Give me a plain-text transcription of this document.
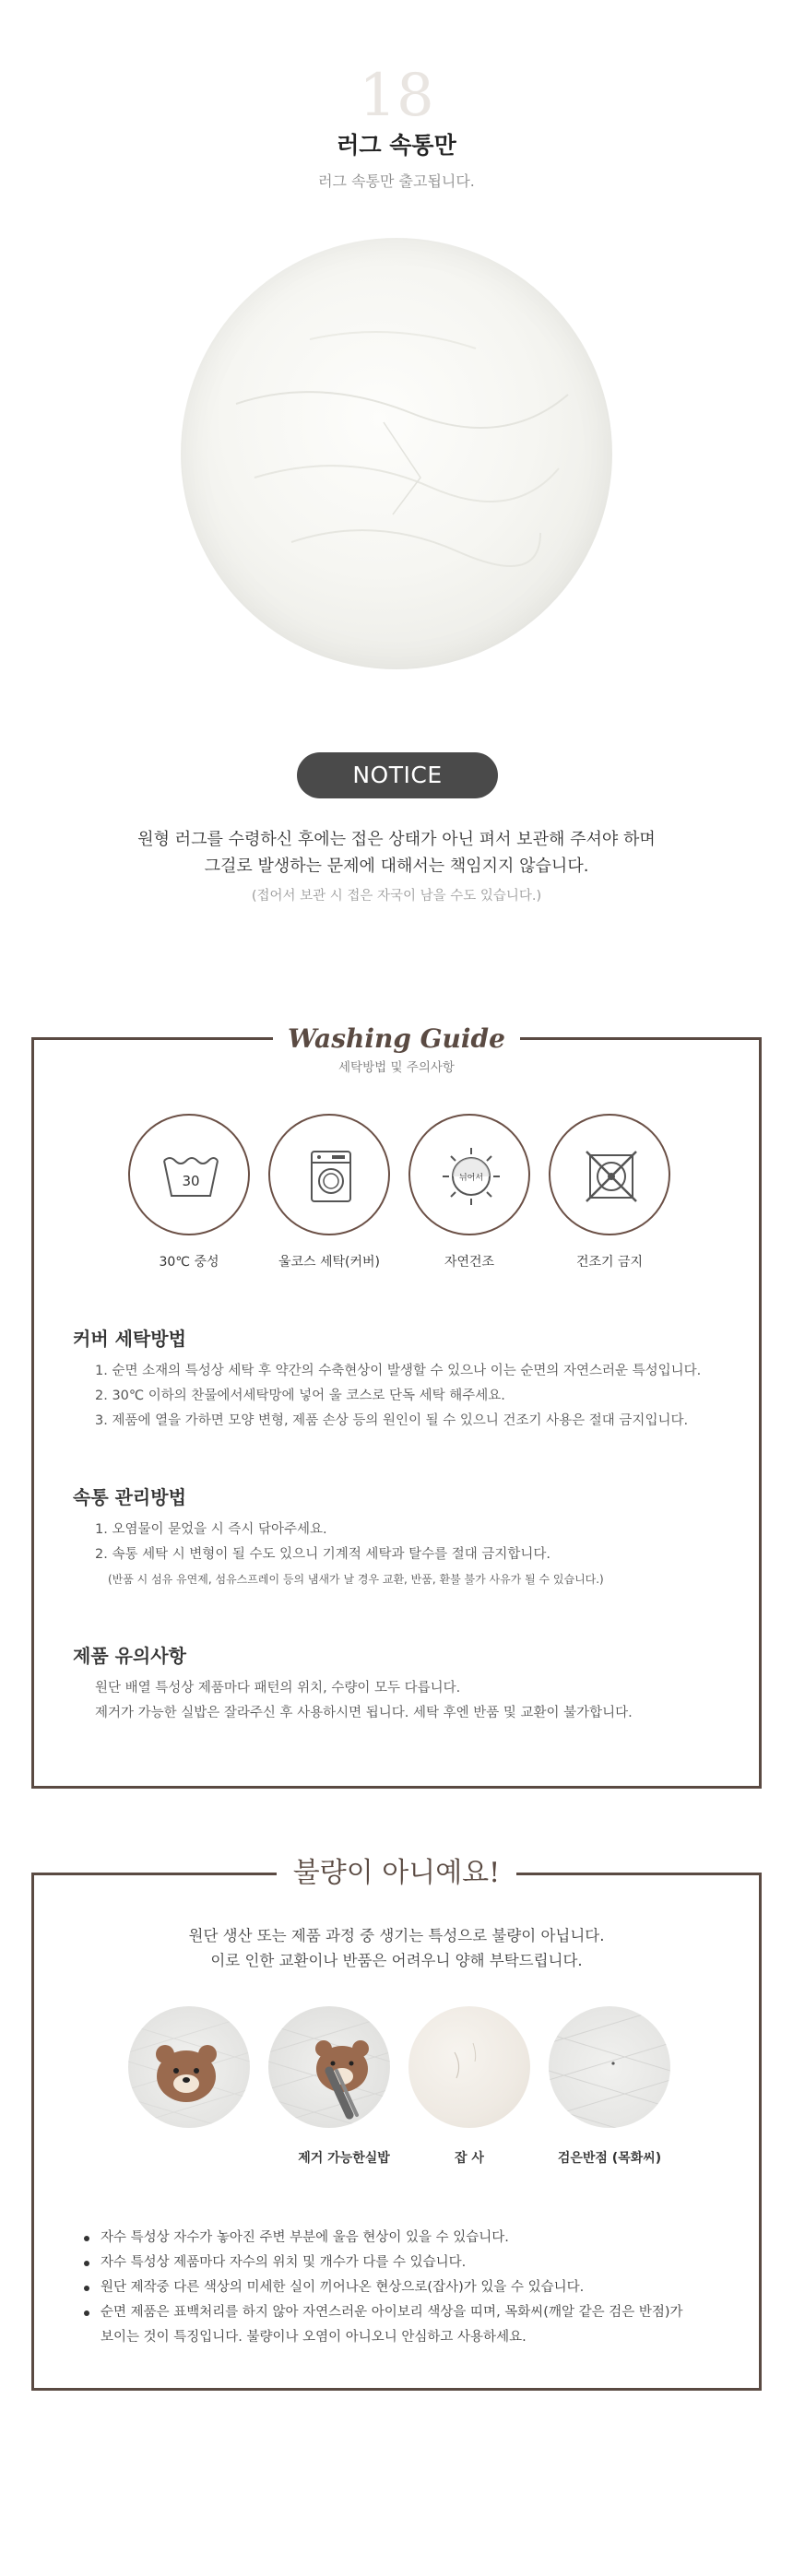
18
러그 속통만
러그 속통만 출고됩니다.
NOTICE
원형 러그를 수령하신 후에는 접은 상태가 아닌 펴서 보관해 주셔야 하며
그걸로 발생하는 문제에 대해서는 책임지지 않습니다.
(접어서 보관 시 접은 자국이 남을 수도 있습니다.)
Washing Guide
세탁방법 및 주의사항
30
30℃ 중성	울코스 세탁(커버)
뉘어서
자연건조	건조기 금지
커버 세탁방법
1. 순면 소재의 특성상 세탁 후 약간의 수축현상이 발생할 수 있으나 이는 순면의 자연스러운 특성입니다.
2. 30℃ 이하의 찬물에서세탁망에 넣어 울 코스로 단독 세탁 해주세요.
3. 제품에 열을 가하면 모양 변형, 제품 손상 등의 원인이 될 수 있으니 건조기 사용은 절대 금지입니다.
속통 관리방법
1. 오염물이 묻었을 시 즉시 닦아주세요.
2. 속통 세탁 시 변형이 될 수도 있으니 기계적 세탁과 탈수를 절대 금지합니다.
(반품 시 섬유 유연제, 섬유스프레이 등의 냄새가 날 경우 교환, 반품, 환불 불가 사유가 될 수 있습니다.)
제품 유의사항
원단 배열 특성상 제품마다 패턴의 위치, 수량이 모두 다릅니다.
제거가 가능한 실밥은 잘라주신 후 사용하시면 됩니다. 세탁 후엔 반품 및 교환이 불가합니다.
불량이 아니예요!
원단 생산 또는 제품 과정 중 생기는 특성으로 불량이 아닙니다.
이로 인한 교환이나 반품은 어려우니 양해 부탁드립니다.
제거 가능한실밥	잡 사	검은반점 (목화씨)
자수 특성상 자수가 놓아진 주변 부분에 울음 현상이 있을 수 있습니다.
자수 특성상 제품마다 자수의 위치 및 개수가 다를 수 있습니다.
원단 제작중 다른 색상의 미세한 실이 끼어나온 현상으로(잡사)가 있을 수 있습니다.
순면 제품은 표백처리를 하지 않아 자연스러운 아이보리 색상을 띠며, 목화씨(깨알 같은 검은 반점)가
보이는 것이 특징입니다. 불량이나 오염이 아니오니 안심하고 사용하세요.
